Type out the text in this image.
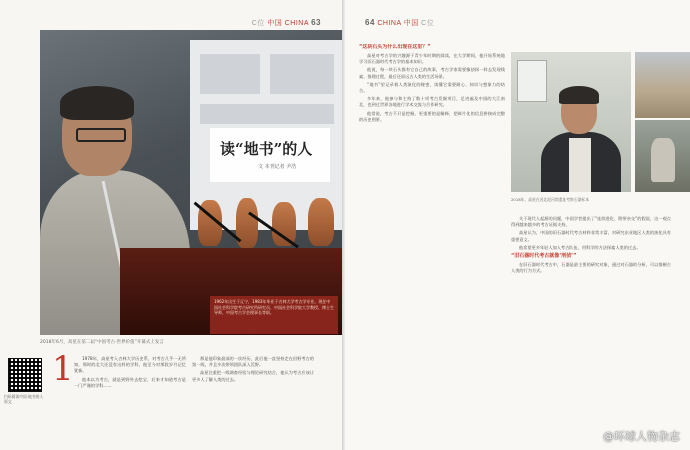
C位 中国 CHINA 63
读“地书”的人
文 本刊记者 尹浩
1962年出生于辽宁，1983年毕业于吉林大学考古学专业，现任中国社会科学院考古研究所研究员、中国社会科学院大学教授、博士生导师，中国考古学会理事长等职。
2018年6月，高星在第二届“中国考古·世界价值”开幕式上发言
扫码阅读中国·地书的人原文
1	1978年，高星考入吉林大学历史系，对考古几乎一无所知，那时的北大还没有这样的学科，他至今对那段岁月记忆犹新。

他本以为考古，就是到野外去挖宝，后来才知道考古是一门严谨的学科……

那是他印象最深的一次经历，此后他一直坚持走在田野考古的第一线，并且多次带领团队深入荒野。

高星注重把一线调查经验与理论研究结合，他认为考古应该让更多人了解人类的过去。

64 CHINA 中国 C位

“这块石头为什么出现在这里？”

高星对考古学的兴趣源于青少年时期的阅读，在大学期间，他开始系统地学习旧石器时代考古学的基本知识。

他说，每一块石头都有它自己的故事，考古学家需要像侦探一样去发现线索、推理过程，最后还原远古人类的生活场景。

“地书”里记录着人类演化的秘密，读懂它需要耐心、知识与想象力的结合。

多年来，他参与和主持了数十项考古发掘项目，足迹遍及中国的大江南北，也到过世界各地进行学术交流与合作研究。

他常说，考古不只是挖掘，更重要的是解释，把碎片化的信息拼接成完整的历史图景。

2018年，高星在河北泥河湾遗址考察石器标本

关于现代人起源的问题，中国学者提出了“连续进化、附带杂交”的假说，这一观点得到越来越多的考古证据支持。

高星认为，中国的旧石器时代考古材料非常丰富，对研究东亚地区人类的演化具有重要意义。

他希望更多年轻人加入考古队伍，用科学的方法探索人类的过去。

“旧石器时代考古就像‘刑侦’”

在旧石器时代考古中，石器是最主要的研究对象，通过对石器的分析，可以推断古人类的行为方式。

@环球人物杂志
